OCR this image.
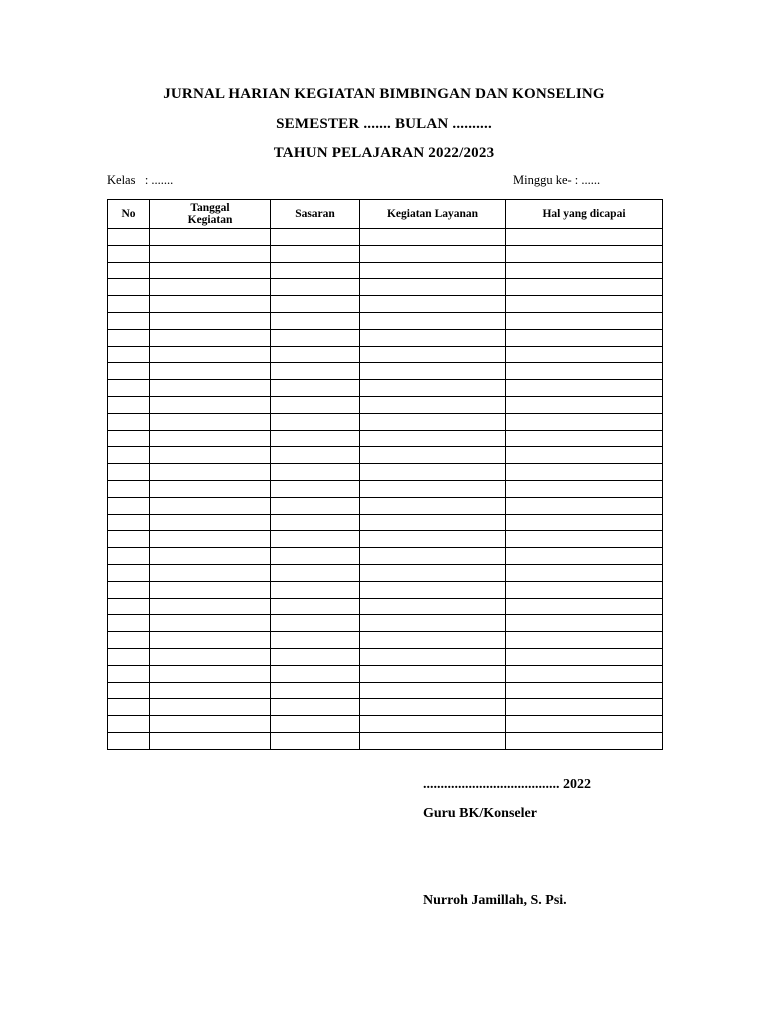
JURNAL HARIAN KEGIATAN BIMBINGAN DAN KONSELING
SEMESTER ....... BULAN ..........
TAHUN PELAJARAN 2022/2023
Kelas   : .......	Minggu ke- : ......
No	Tanggal Kegiatan	Sasaran	Kegiatan Layanan	Hal yang dicapai

....................................... 2022
Guru BK/Konseler
Nurroh Jamillah, S. Psi.
